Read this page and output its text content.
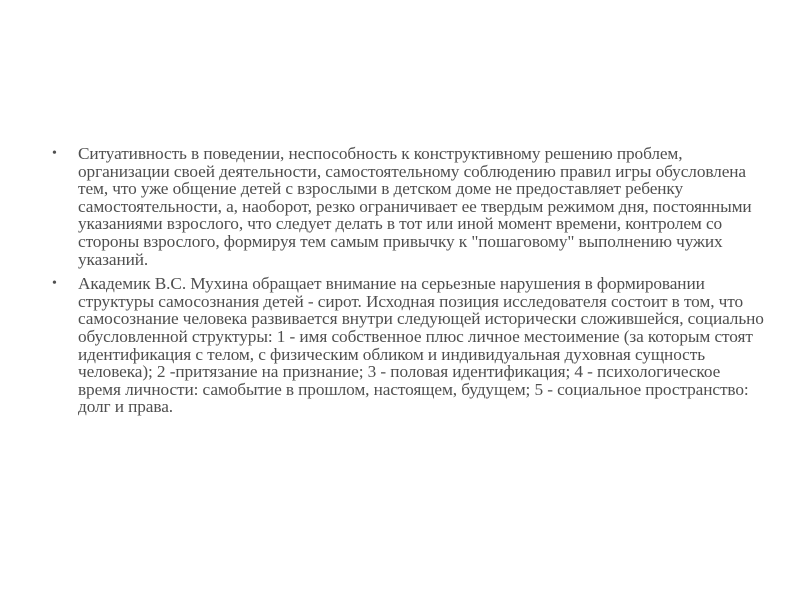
• Ситуативность в поведении, неспособность к конструктивному решению проблем, организации своей деятельности, самостоятельному соблюдению правил игры обусловлена тем, что уже общение детей с взрослыми в детском доме не предоставляет ребенку самостоятельности, а, наоборот, резко ограничивает ее твердым режимом дня, постоянными указаниями взрослого, что следует делать в тот или иной момент времени, контролем со стороны взрослого, формируя тем самым привычку к "пошаговому" выполнению чужих указаний.
• Академик В.С. Мухина обращает внимание на серьезные нарушения в формировании структуры самосознания детей - сирот. Исходная позиция исследователя состоит в том, что самосознание человека развивается внутри следующей исторически сложившейся, социально обусловленной структуры: 1 - имя собственное плюс личное местоимение (за которым стоят идентификация с телом, с физическим обликом и индивидуальная духовная сущность человека); 2 -притязание на признание; 3 - половая идентификация; 4 - психологическое время личности: самобытие в прошлом, настоящем, будущем; 5 - социальное пространство: долг и права.
